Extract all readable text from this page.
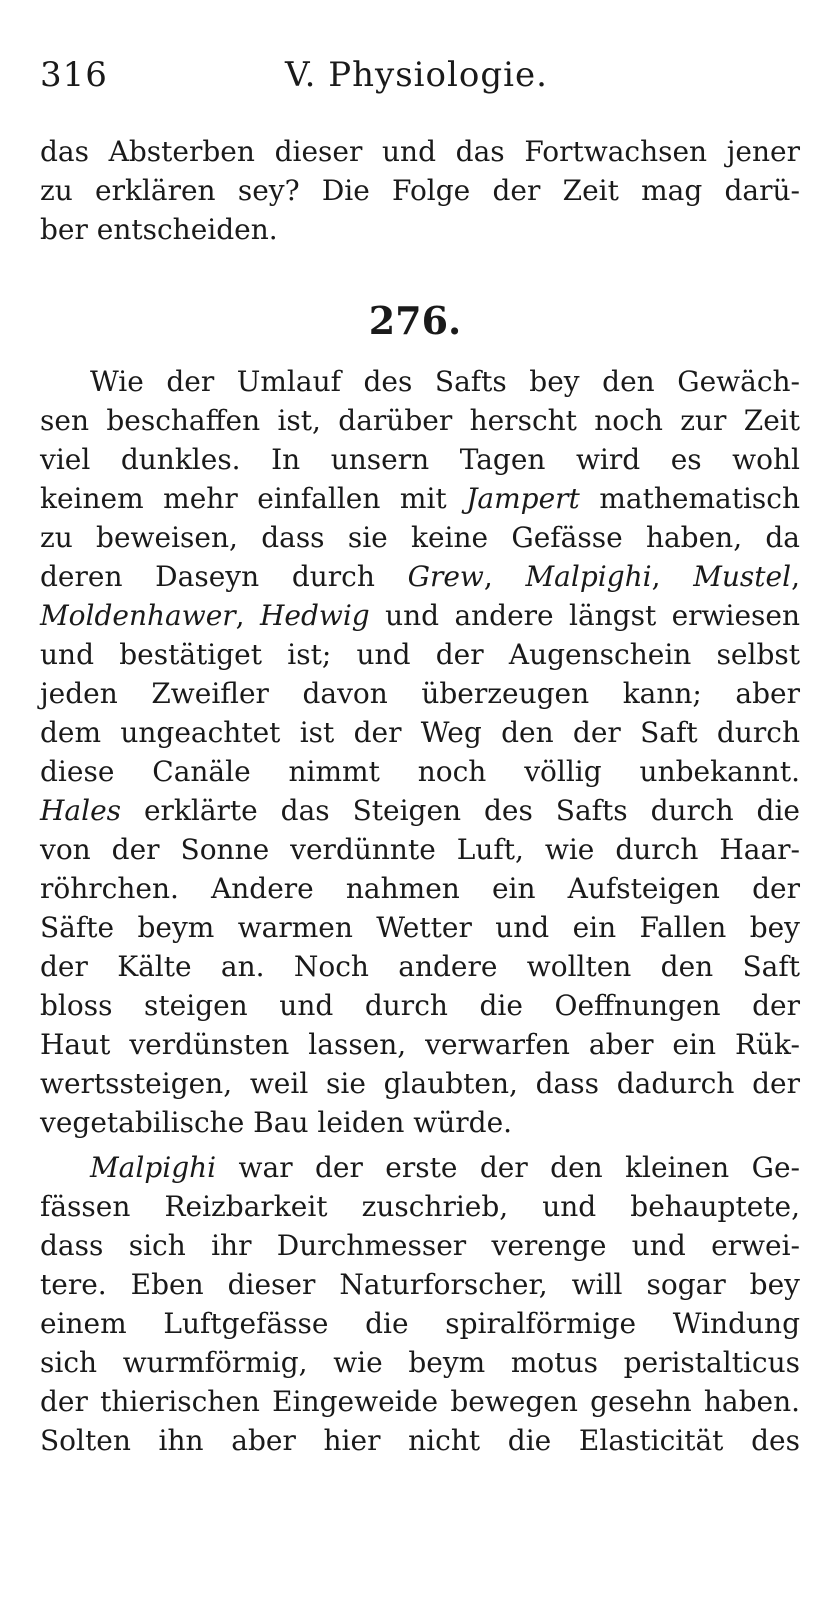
316	V. Physiologie.
das Absterben dieser und das Fortwachsen jener
zu erklären sey? Die Folge der Zeit mag darü-
ber entscheiden.
276.
Wie der Umlauf des Safts bey den Gewäch-
sen beschaffen ist, darüber herscht noch zur Zeit
viel dunkles. In unsern Tagen wird es wohl
keinem mehr einfallen mit Jampert mathematisch
zu beweisen, dass sie keine Gefässe haben, da
deren Daseyn durch Grew, Malpighi, Mustel,
Moldenhawer, Hedwig und andere längst erwiesen
und bestätiget ist; und der Augenschein selbst
jeden Zweifler davon überzeugen kann; aber
dem ungeachtet ist der Weg den der Saft durch
diese Canäle nimmt noch völlig unbekannt.
Hales erklärte das Steigen des Safts durch die
von der Sonne verdünnte Luft, wie durch Haar-
röhrchen. Andere nahmen ein Aufsteigen der
Säfte beym warmen Wetter und ein Fallen bey
der Kälte an. Noch andere wollten den Saft
bloss steigen und durch die Oeffnungen der
Haut verdünsten lassen, verwarfen aber ein Rük-
wertssteigen, weil sie glaubten, dass dadurch der
vegetabilische Bau leiden würde.
Malpighi war der erste der den kleinen Ge-
fässen Reizbarkeit zuschrieb, und behauptete,
dass sich ihr Durchmesser verenge und erwei-
tere. Eben dieser Naturforscher, will sogar bey
einem Luftgefässe die spiralförmige Windung
sich wurmförmig, wie beym motus peristalticus
der thierischen Eingeweide bewegen gesehn haben.
Solten ihn aber hier nicht die Elasticität des
